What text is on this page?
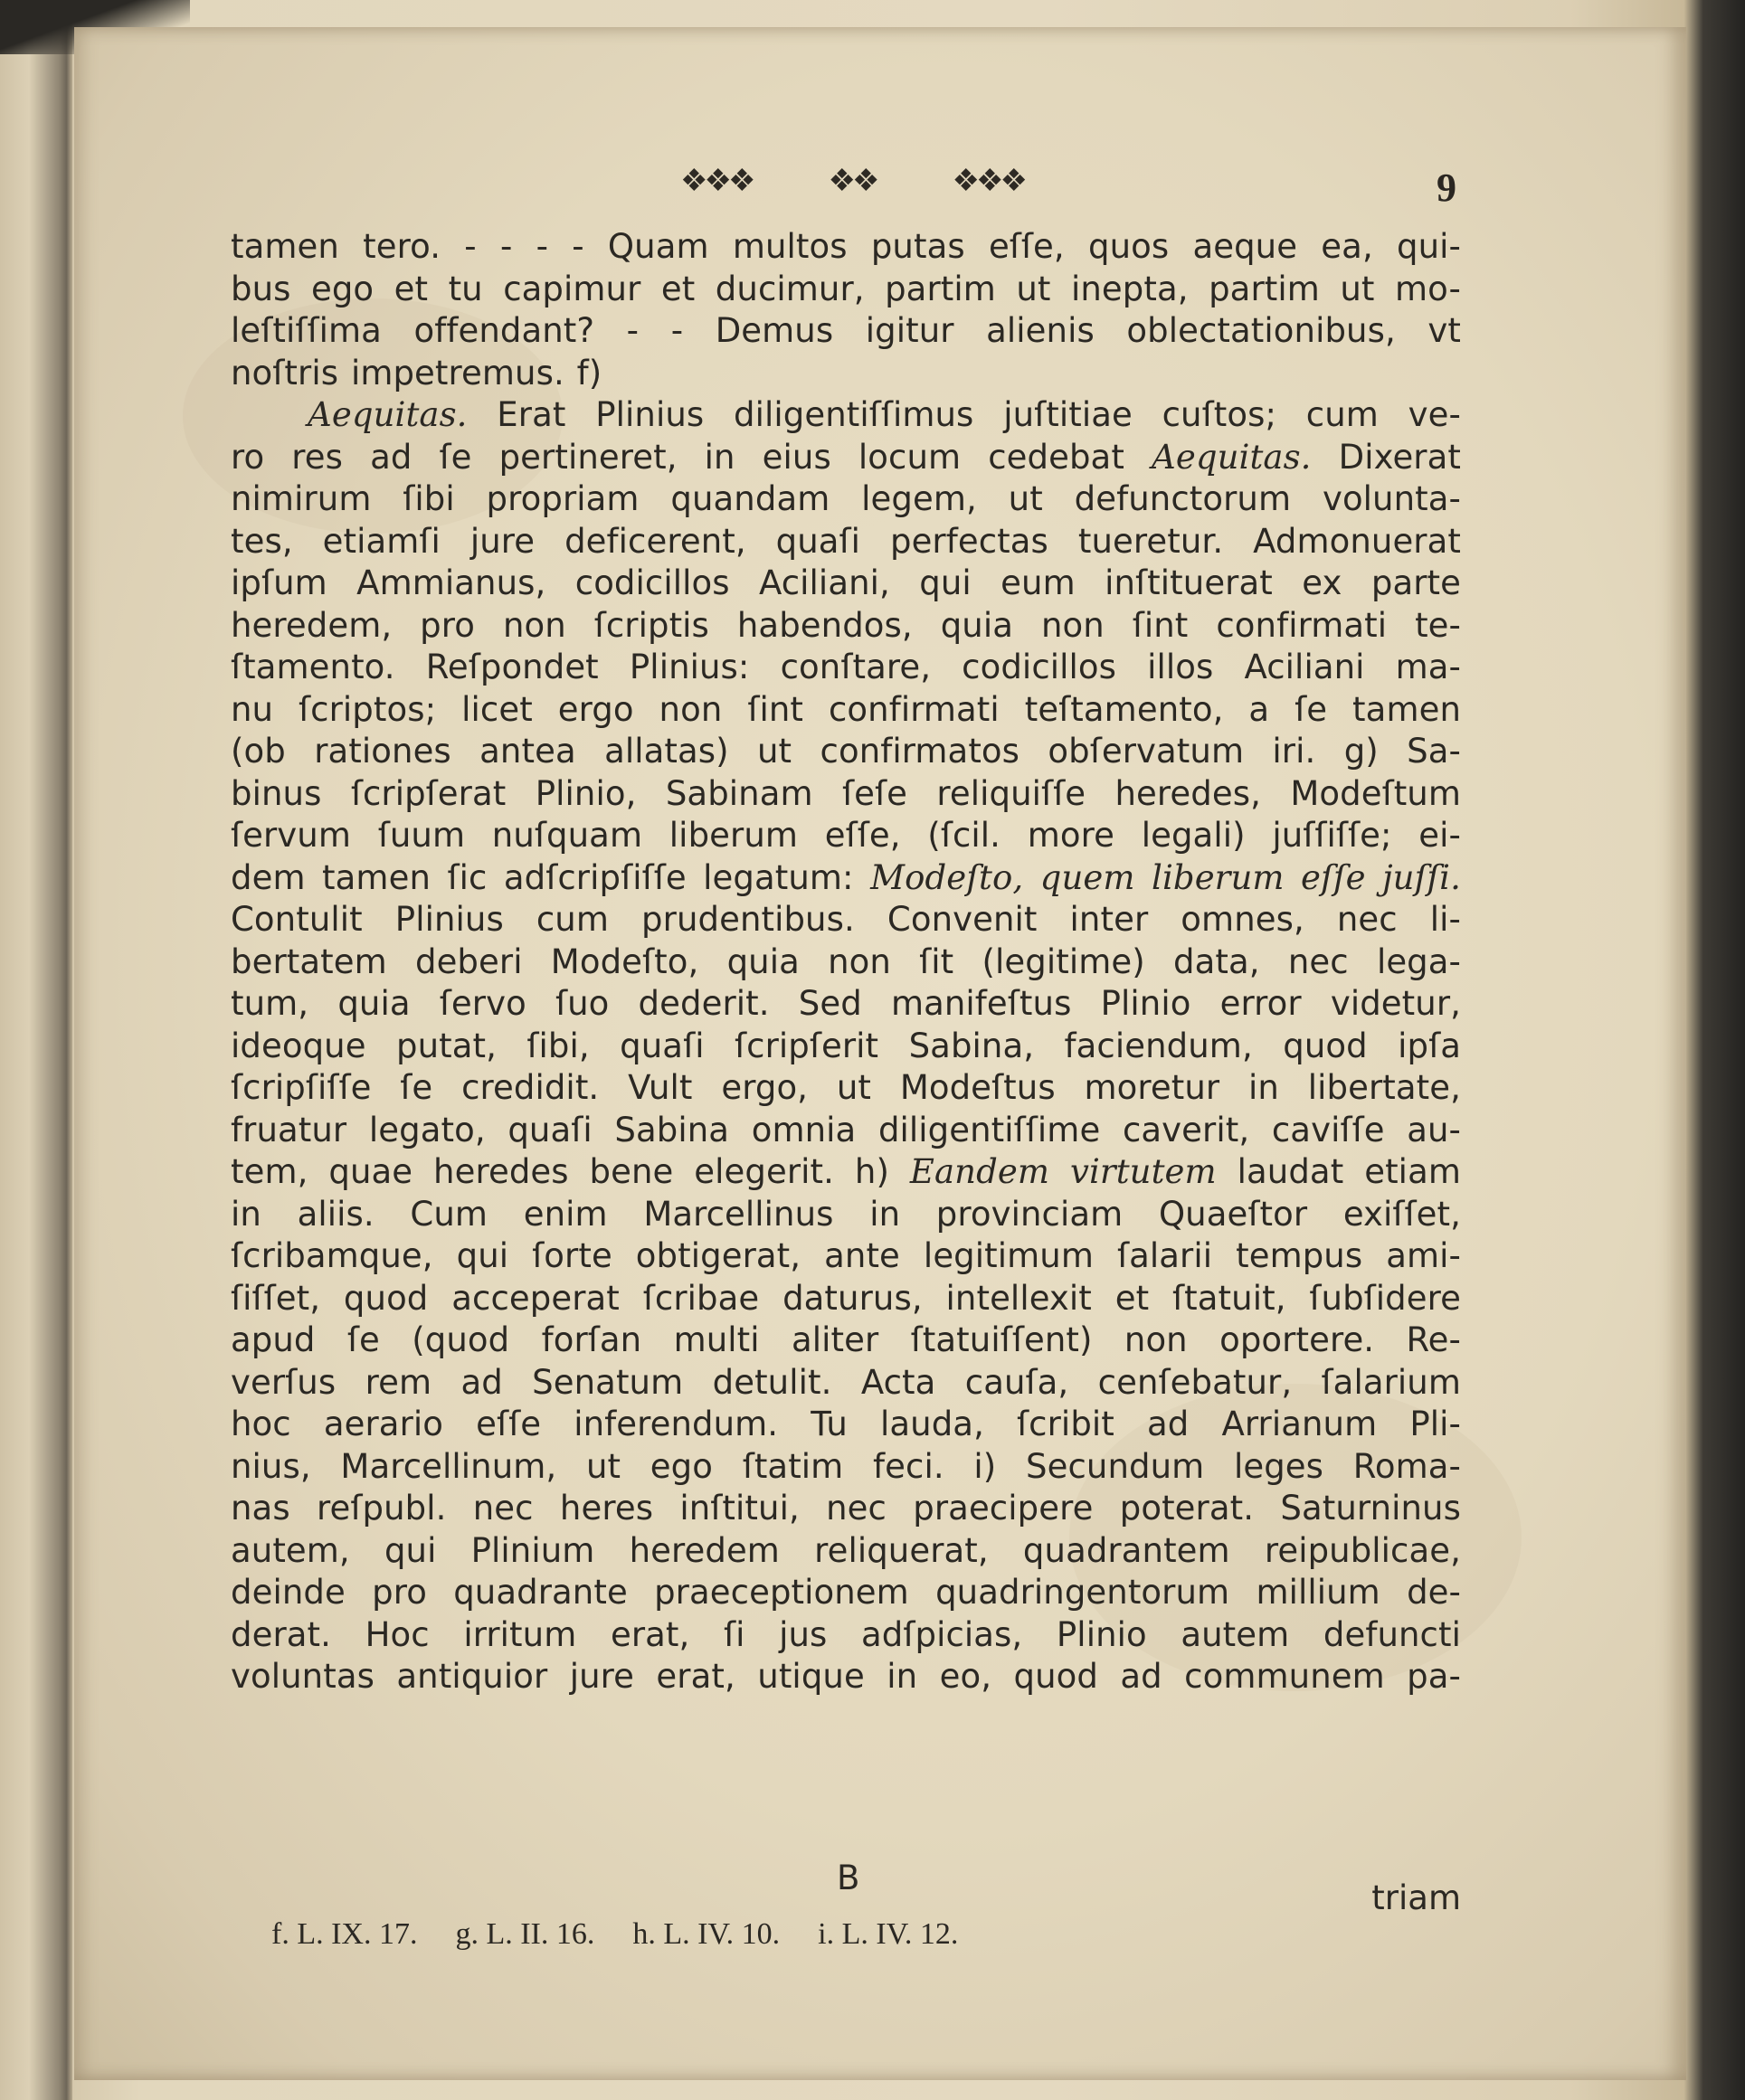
❖❖❖ ❖❖ ❖❖❖	9
tamen tero. - - - - Quam multos putas eſſe, quos aeque ea, qui-
bus ego et tu capimur et ducimur, partim ut inepta, partim ut mo-
leſtiſſima offendant? - - Demus igitur alienis oblectationibus, vt
noſtris impetremus. f)
Aequitas. Erat Plinius diligentiſſimus juſtitiae cuſtos; cum ve-
ro res ad ſe pertineret, in eius locum cedebat Aequitas. Dixerat
nimirum ſibi propriam quandam legem, ut defunctorum volunta-
tes, etiamſi jure deficerent, quaſi perfectas tueretur. Admonuerat
ipſum Ammianus, codicillos Aciliani, qui eum inſtituerat ex parte
heredem, pro non ſcriptis habendos, quia non ſint confirmati te-
ſtamento. Reſpondet Plinius: conſtare, codicillos illos Aciliani ma-
nu ſcriptos; licet ergo non ſint confirmati teſtamento, a ſe tamen
(ob rationes antea allatas) ut confirmatos obſervatum iri. g) Sa-
binus ſcripſerat Plinio, Sabinam ſeſe reliquiſſe heredes, Modeſtum
ſervum ſuum nuſquam liberum eſſe, (ſcil. more legali) juſſiſſe; ei-
dem tamen ſic adſcripſiſſe legatum: Modeſto, quem liberum eſſe juſſi.
Contulit Plinius cum prudentibus. Convenit inter omnes, nec li-
bertatem deberi Modeſto, quia non ſit (legitime) data, nec lega-
tum, quia ſervo ſuo dederit. Sed manifeſtus Plinio error videtur,
ideoque putat, ſibi, quaſi ſcripſerit Sabina, faciendum, quod ipſa
ſcripſiſſe ſe credidit. Vult ergo, ut Modeſtus moretur in libertate,
fruatur legato, quaſi Sabina omnia diligentiſſime caverit, caviſſe au-
tem, quae heredes bene elegerit. h) Eandem virtutem laudat etiam
in aliis. Cum enim Marcellinus in provinciam Quaeſtor exiſſet,
ſcribamque, qui ſorte obtigerat, ante legitimum ſalarii tempus ami-
ſiſſet, quod acceperat ſcribae daturus, intellexit et ſtatuit, ſubſidere
apud ſe (quod forſan multi aliter ſtatuiſſent) non oportere. Re-
verſus rem ad Senatum detulit. Acta cauſa, cenſebatur, ſalarium
hoc aerario eſſe inferendum. Tu lauda, ſcribit ad Arrianum Pli-
nius, Marcellinum, ut ego ſtatim feci. i) Secundum leges Roma-
nas reſpubl. nec heres inſtitui, nec praecipere poterat. Saturninus
autem, qui Plinium heredem reliquerat, quadrantem reipublicae,
deinde pro quadrante praeceptionem quadringentorum millium de-
derat. Hoc irritum erat, ſi jus adſpicias, Plinio autem defuncti
voluntas antiquior jure erat, utique in eo, quod ad communem pa-
B
triam
f. L. IX. 17. g. L. II. 16. h. L. IV. 10. i. L. IV. 12.
